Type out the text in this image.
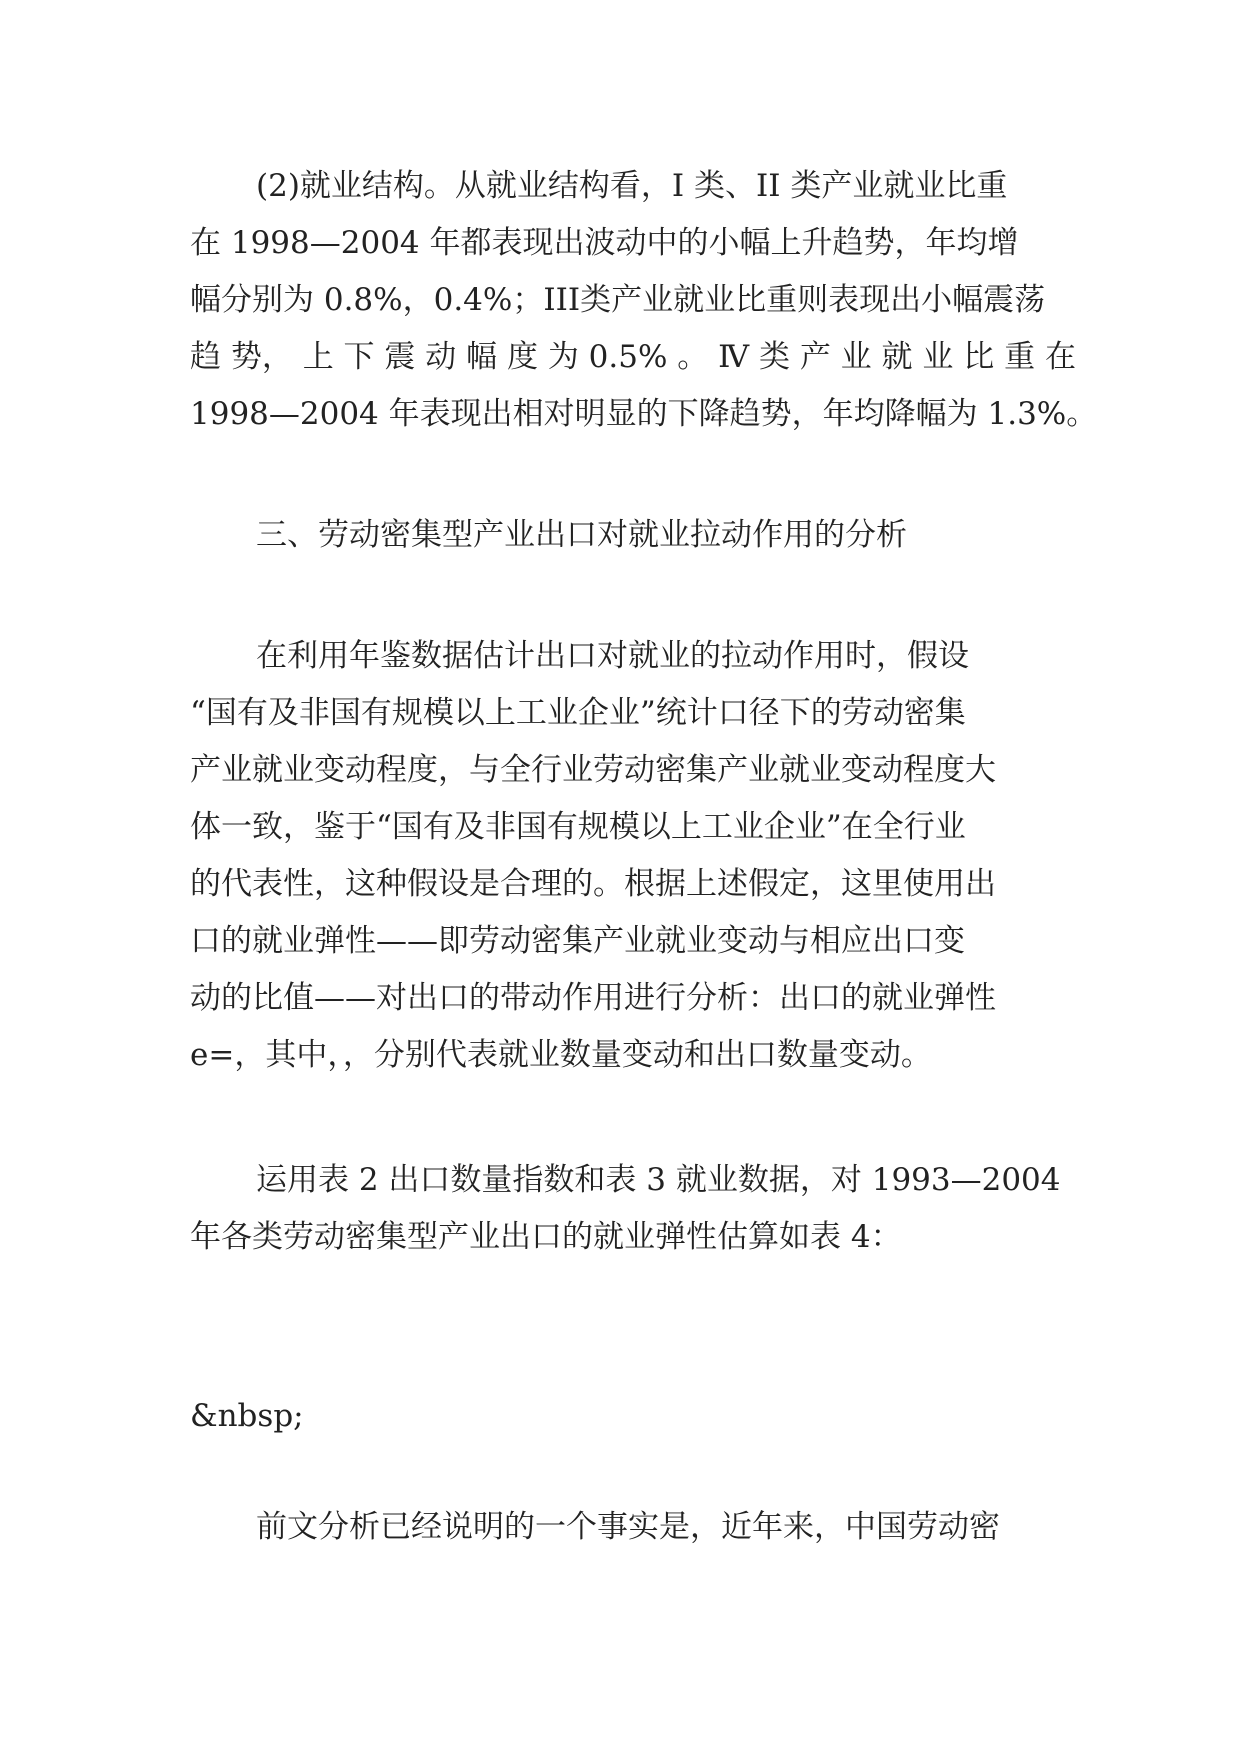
(2)就业结构。从就业结构看，I 类、II 类产业就业比重
在 1998—2004 年都表现出波动中的小幅上升趋势，年均增
幅分别为 0.8%，0.4%；III类产业就业比重则表现出小幅震荡
趋 势， 上 下 震 动 幅 度 为 0.5% 。 Ⅳ 类 产 业 就 业 比 重 在
1998—2004 年表现出相对明显的下降趋势，年均降幅为 1.3%。
三、劳动密集型产业出口对就业拉动作用的分析
在利用年鉴数据估计出口对就业的拉动作用时，假设
“国有及非国有规模以上工业企业”统计口径下的劳动密集
产业就业变动程度，与全行业劳动密集产业就业变动程度大
体一致，鉴于“国有及非国有规模以上工业企业”在全行业
的代表性，这种假设是合理的。根据上述假定，这里使用出
口的就业弹性——即劳动密集产业就业变动与相应出口变
动的比值——对出口的带动作用进行分析：出口的就业弹性
e=，其中，，分别代表就业数量变动和出口数量变动。
运用表 2 出口数量指数和表 3 就业数据，对 1993—2004
年各类劳动密集型产业出口的就业弹性估算如表 4：
&nbsp;
前文分析已经说明的一个事实是，近年来，中国劳动密
